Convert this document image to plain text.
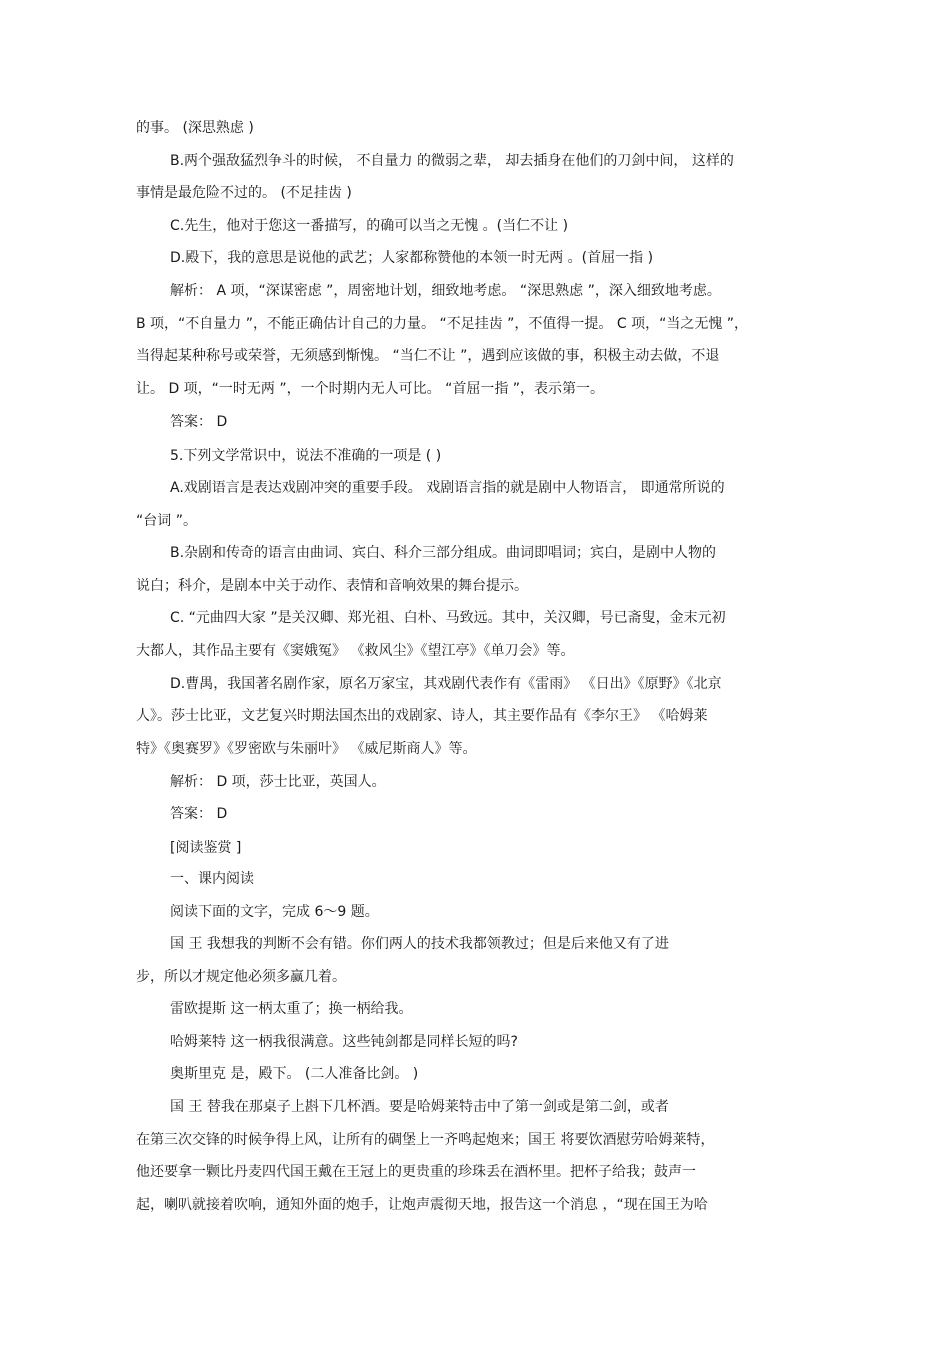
的事。 (深思熟虑 )
B.两个强敌猛烈争斗的时候， 不自量力 的微弱之辈， 却去插身在他们的刀剑中间， 这样的
事情是最危险不过的。 (不足挂齿 )
C.先生，他对于您这一番描写，的确可以当之无愧 。(当仁不让 )
D.殿下，我的意思是说他的武艺；人家都称赞他的本领一时无两 。(首屈一指 )
解析： A 项，“深谋密虑 ”，周密地计划，细致地考虑。 “深思熟虑 ”，深入细致地考虑。
B 项，“不自量力 ”，不能正确估计自己的力量。 “不足挂齿 ”，不值得一提。 C 项，“当之无愧 ”，
当得起某种称号或荣誉，无须感到惭愧。 “当仁不让 ”，遇到应该做的事，积极主动去做，不退
让。 D 项，“一时无两 ”，一个时期内无人可比。 “首屈一指 ”，表示第一。
答案： D
5.下列文学常识中，说法不准确的一项是 ( )
A.戏剧语言是表达戏剧冲突的重要手段。 戏剧语言指的就是剧中人物语言， 即通常所说的
“台词 ”。
B.杂剧和传奇的语言由曲词、宾白、科介三部分组成。曲词即唱词；宾白，是剧中人物的
说白；科介，是剧本中关于动作、表情和音响效果的舞台提示。
C. “元曲四大家 ”是关汉卿、郑光祖、白朴、马致远。其中，关汉卿，号已斋叟，金末元初
大都人，其作品主要有《窦娥冤》 《救风尘》《望江亭》《单刀会》等。
D.曹禺，我国著名剧作家，原名万家宝，其戏剧代表作有《雷雨》 《日出》《原野》《北京
人》。莎士比亚，文艺复兴时期法国杰出的戏剧家、诗人，其主要作品有《李尔王》 《哈姆莱
特》《奥赛罗》《罗密欧与朱丽叶》 《威尼斯商人》等。
解析： D 项，莎士比亚，英国人。
答案： D
[阅读鉴赏 ]
一、课内阅读
阅读下面的文字，完成 6～9 题。
国 王 我想我的判断不会有错。你们两人的技术我都领教过；但是后来他又有了进
步，所以才规定他必须多赢几着。
雷欧提斯 这一柄太重了；换一柄给我。
哈姆莱特 这一柄我很满意。这些钝剑都是同样长短的吗?
奥斯里克 是，殿下。 (二人准备比剑。 )
国 王 替我在那桌子上斟下几杯酒。要是哈姆莱特击中了第一剑或是第二剑，或者
在第三次交锋的时候争得上风，让所有的碉堡上一齐鸣起炮来；国王 将要饮酒慰劳哈姆莱特，
他还要拿一颗比丹麦四代国王戴在王冠上的更贵重的珍珠丢在酒杯里。把杯子给我；鼓声一
起，喇叭就接着吹响，通知外面的炮手，让炮声震彻天地，报告这一个消息 ，“现在国王为哈
